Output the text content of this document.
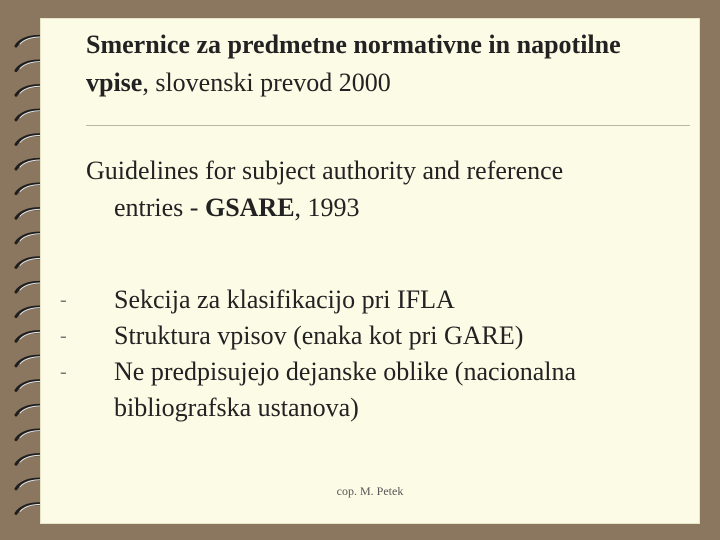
Smernice za predmetne normativne in napotilne vpise, slovenski prevod 2000
Guidelines for subject authority and reference
entries - GSARE, 1993
- Sekcija za klasifikacijo pri IFLA
- Struktura vpisov (enaka kot pri GARE)
- Ne predpisujejo dejanske oblike (nacionalna bibliografska ustanova)
cop. M. Petek
